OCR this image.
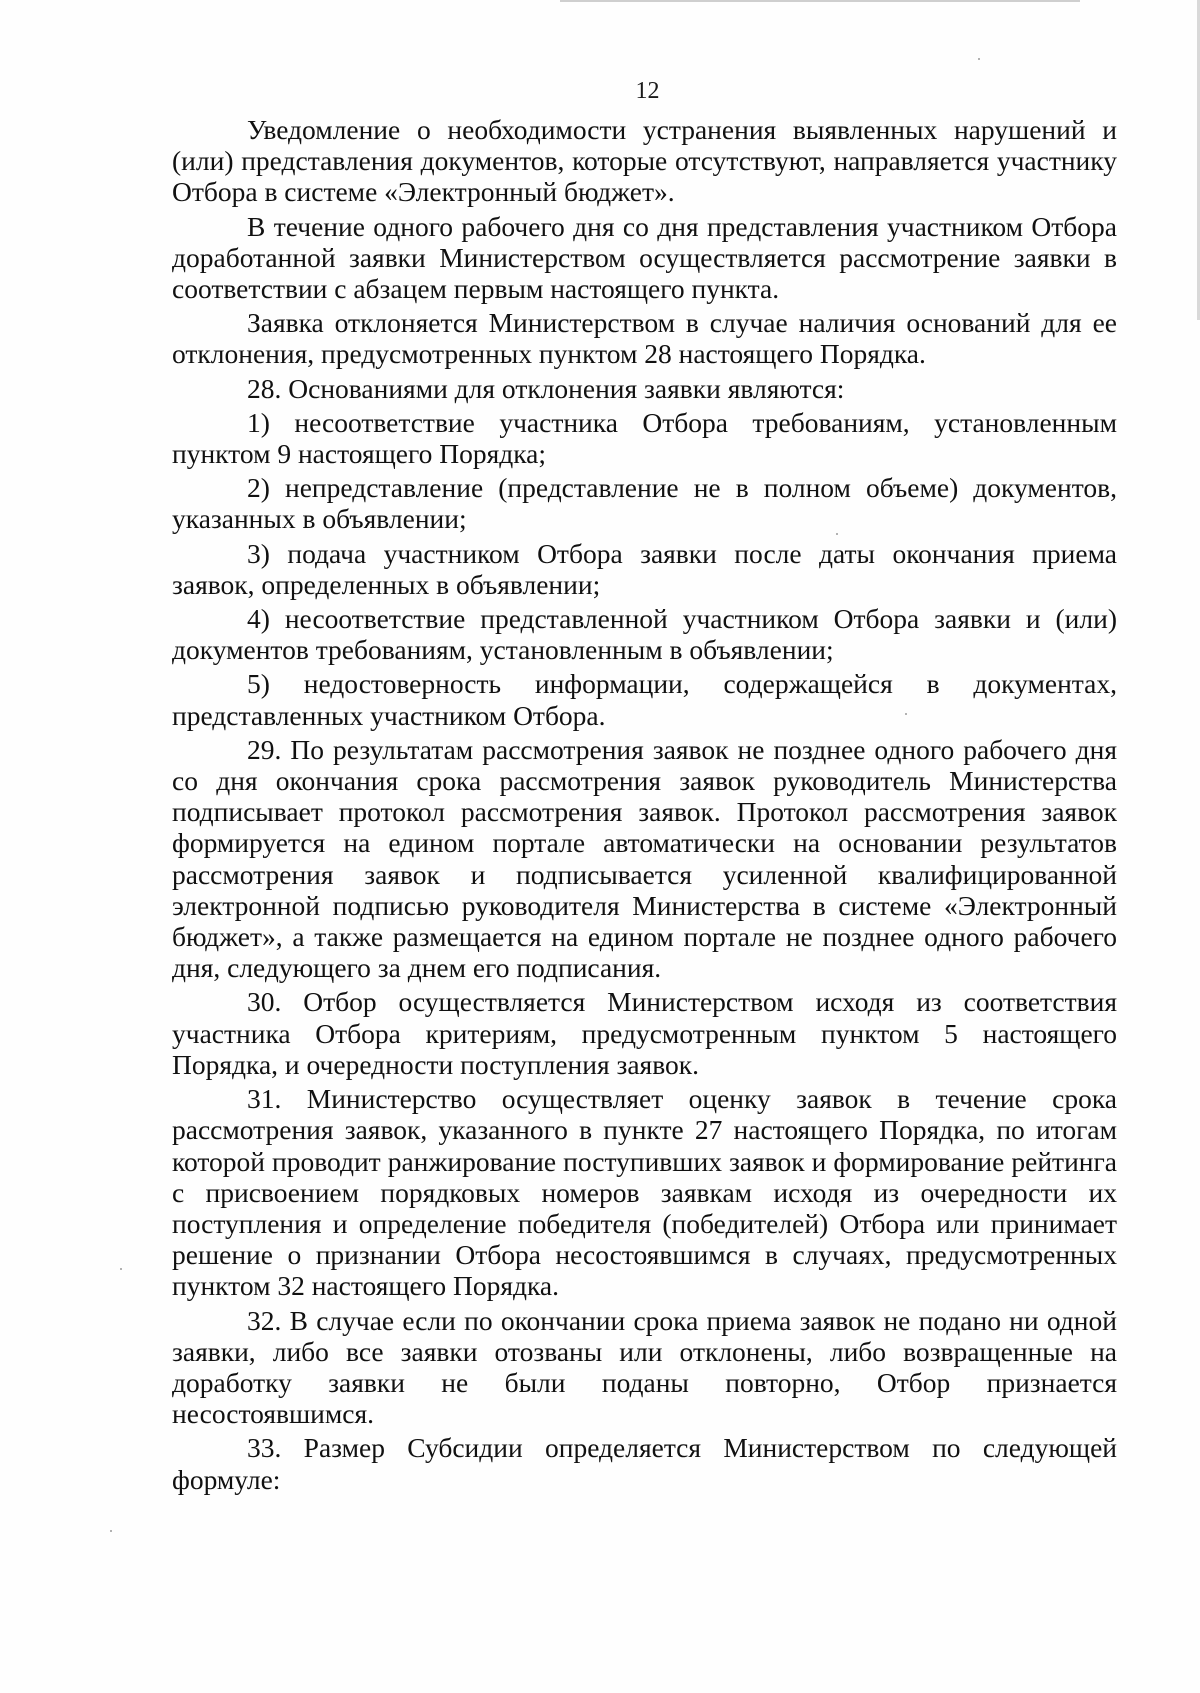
12

Уведомление о необходимости устранения выявленных нарушений и (или) представления документов, которые отсутствуют, направляется участнику Отбора в системе «Электронный бюджет».

В течение одного рабочего дня со дня представления участником Отбора доработанной заявки Министерством осуществляется рассмотрение заявки в соответствии с абзацем первым настоящего пункта.

Заявка отклоняется Министерством в случае наличия оснований для ее отклонения, предусмотренных пунктом 28 настоящего Порядка.

28. Основаниями для отклонения заявки являются:

1) несоответствие участника Отбора требованиям, установленным пунктом 9 настоящего Порядка;

2) непредставление (представление не в полном объеме) документов, указанных в объявлении;

3) подача участником Отбора заявки после даты окончания приема заявок, определенных в объявлении;

4) несоответствие представленной участником Отбора заявки и (или) документов требованиям, установленным в объявлении;

5) недостоверность информации, содержащейся в документах, представленных участником Отбора.

29. По результатам рассмотрения заявок не позднее одного рабочего дня со дня окончания срока рассмотрения заявок руководитель Министерства подписывает протокол рассмотрения заявок. Протокол рассмотрения заявок формируется на едином портале автоматически на основании результатов рассмотрения заявок и подписывается усиленной квалифицированной электронной подписью руководителя Министерства в системе «Электронный бюджет», а также размещается на едином портале не позднее одного рабочего дня, следующего за днем его подписания.

30. Отбор осуществляется Министерством исходя из соответствия участника Отбора критериям, предусмотренным пунктом 5 настоящего Порядка, и очередности поступления заявок.

31. Министерство осуществляет оценку заявок в течение срока рассмотрения заявок, указанного в пункте 27 настоящего Порядка, по итогам которой проводит ранжирование поступивших заявок и формирование рейтинга с присвоением порядковых номеров заявкам исходя из очередности их поступления и определение победителя (победителей) Отбора или принимает решение о признании Отбора несостоявшимся в случаях, предусмотренных пунктом 32 настоящего Порядка.

32. В случае если по окончании срока приема заявок не подано ни одной заявки, либо все заявки отозваны или отклонены, либо возвращенные на доработку заявки не были поданы повторно, Отбор признается несостоявшимся.

33. Размер Субсидии определяется Министерством по следующей формуле:
